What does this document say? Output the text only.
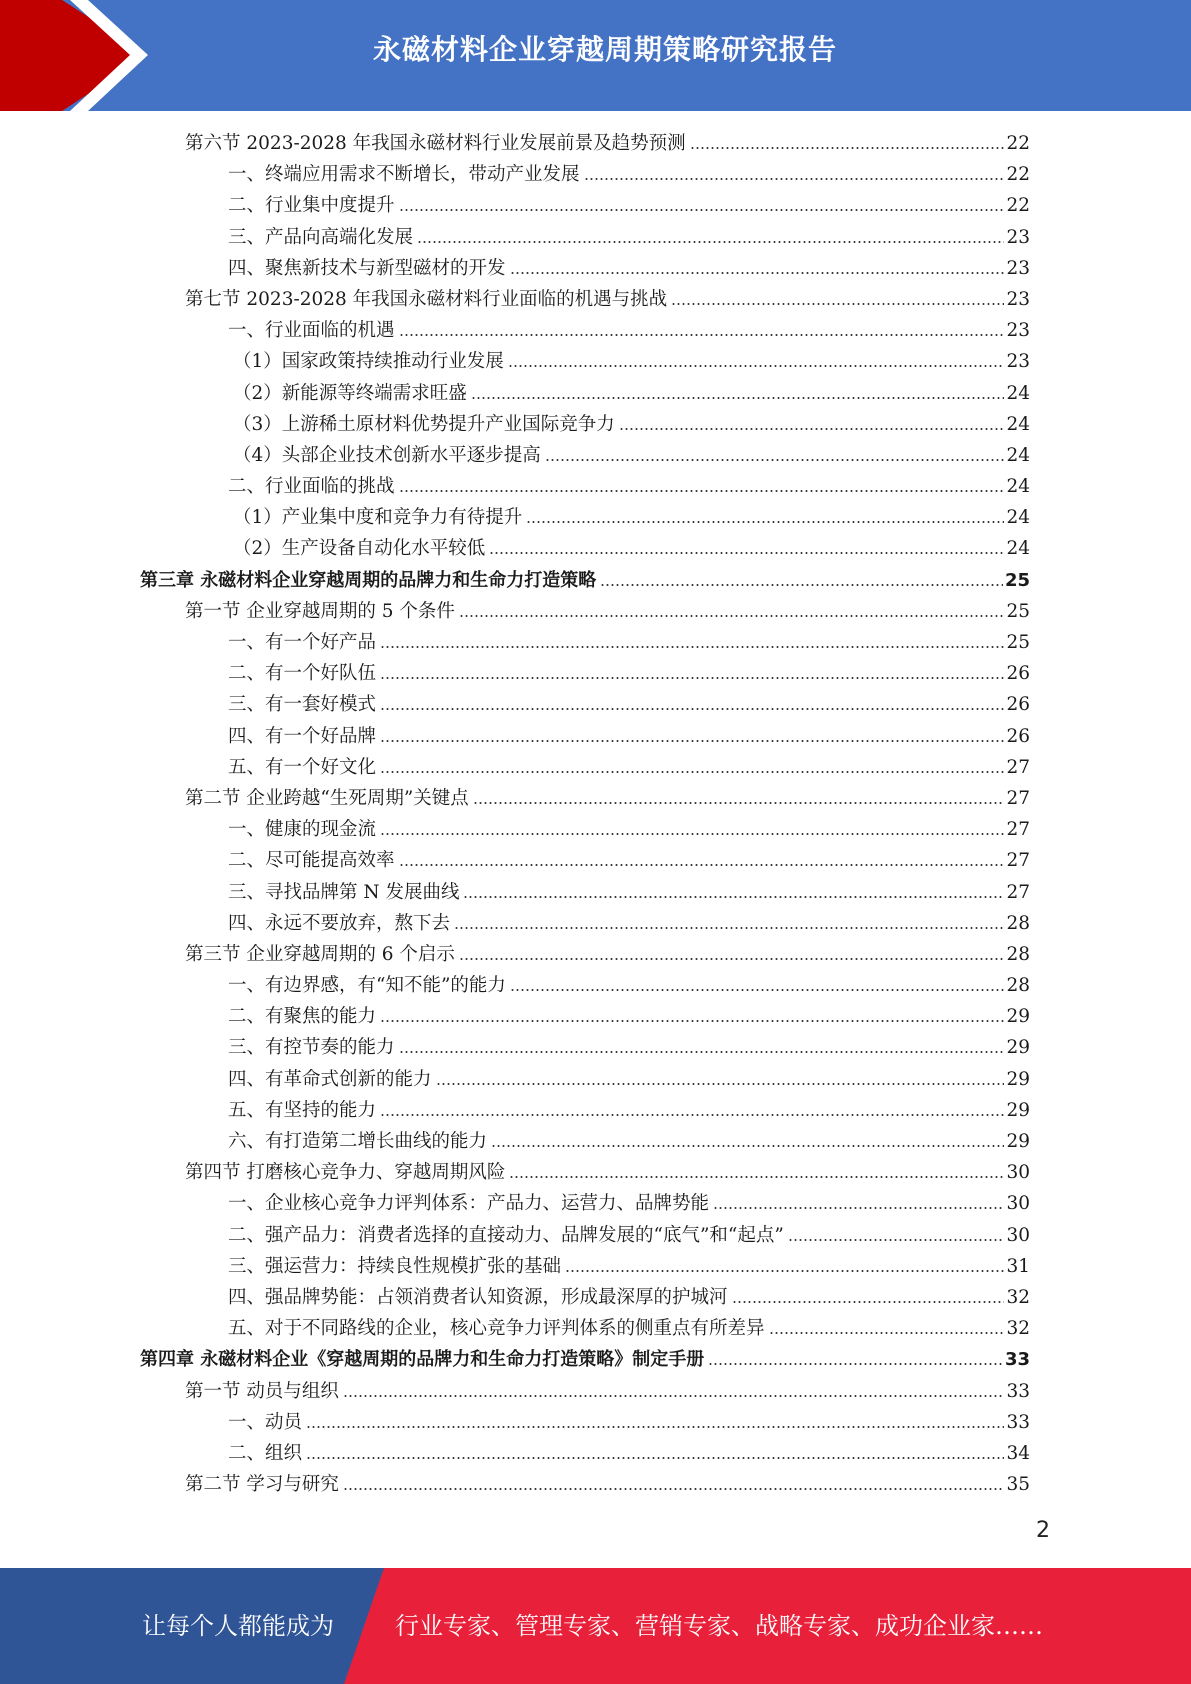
永磁材料企业穿越周期策略研究报告
第六节 2023-2028 年我国永磁材料行业发展前景及趋势预测	22
一、终端应用需求不断增长，带动产业发展	22
二、行业集中度提升	22
三、产品向高端化发展	23
四、聚焦新技术与新型磁材的开发	23
第七节 2023-2028 年我国永磁材料行业面临的机遇与挑战	23
一、行业面临的机遇	23
（1）国家政策持续推动行业发展	23
（2）新能源等终端需求旺盛	24
（3）上游稀土原材料优势提升产业国际竞争力	24
（4）头部企业技术创新水平逐步提高	24
二、行业面临的挑战	24
（1）产业集中度和竞争力有待提升	24
（2）生产设备自动化水平较低	24
第三章 永磁材料企业穿越周期的品牌力和生命力打造策略	25
第一节 企业穿越周期的 5 个条件	25
一、有一个好产品	25
二、有一个好队伍	26
三、有一套好模式	26
四、有一个好品牌	26
五、有一个好文化	27
第二节 企业跨越“生死周期”关键点	27
一、健康的现金流	27
二、尽可能提高效率	27
三、寻找品牌第 N 发展曲线	27
四、永远不要放弃，熬下去	28
第三节 企业穿越周期的 6 个启示	28
一、有边界感，有“知不能”的能力	28
二、有聚焦的能力	29
三、有控节奏的能力	29
四、有革命式创新的能力	29
五、有坚持的能力	29
六、有打造第二增长曲线的能力	29
第四节 打磨核心竞争力、穿越周期风险	30
一、企业核心竞争力评判体系：产品力、运营力、品牌势能	30
二、强产品力：消费者选择的直接动力、品牌发展的“底气”和“起点”	30
三、强运营力：持续良性规模扩张的基础	31
四、强品牌势能：占领消费者认知资源，形成最深厚的护城河	32
五、对于不同路线的企业，核心竞争力评判体系的侧重点有所差异	32
第四章 永磁材料企业《穿越周期的品牌力和生命力打造策略》制定手册	33
第一节 动员与组织	33
一、动员	33
二、组织	34
第二节 学习与研究	35
2
让每个人都能成为	行业专家、管理专家、营销专家、战略专家、成功企业家……
